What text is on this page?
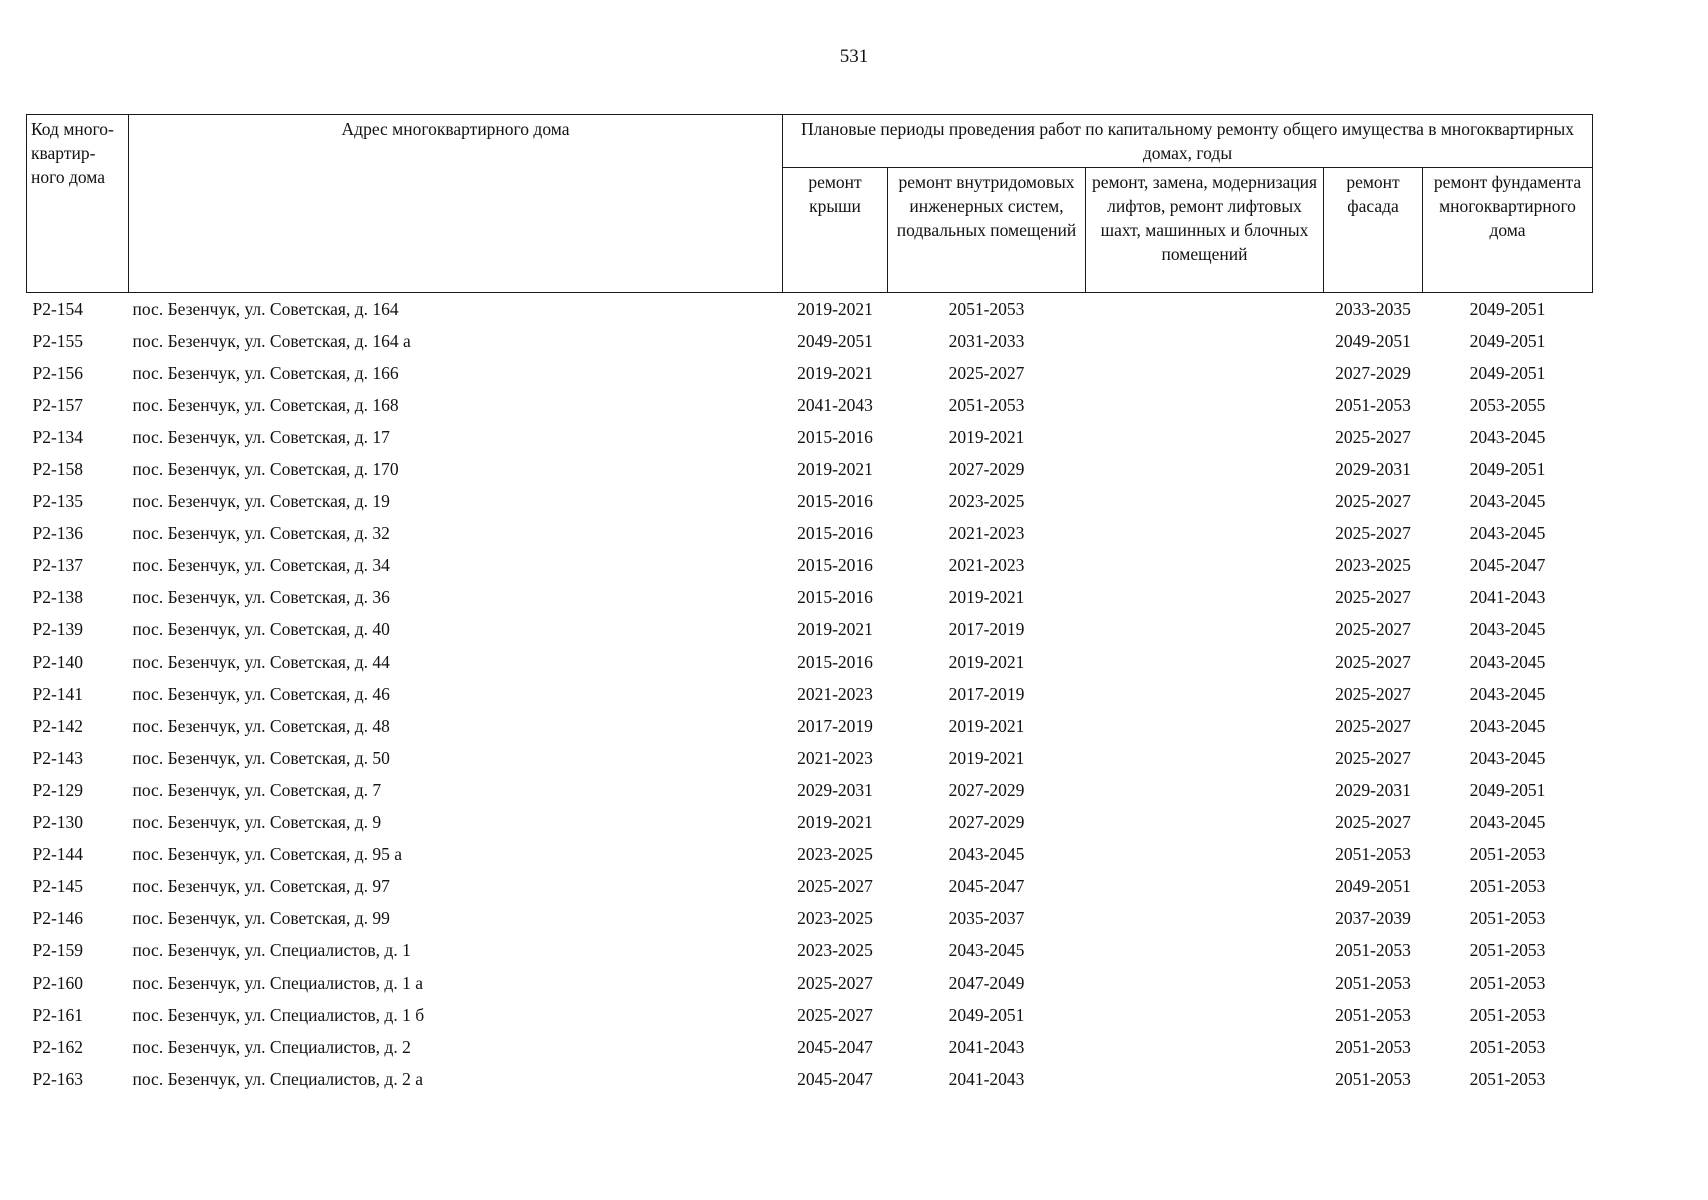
531
Код много-квартир-ного дома	Адрес многоквартирного дома	Плановые периоды проведения работ по капитальному ремонту общего имущества в многоквартирных домах, годы				
		ремонт крыши	ремонт внутридомовых инженерных систем, подвальных помещений	ремонт, замена, модернизация лифтов, ремонт лифтовых шахт, машинных и блочных помещений	ремонт фасада	ремонт фундамента многоквартирного дома
Р2-154	пос. Безенчук, ул. Советская, д. 164	2019-2021	2051-2053		2033-2035	2049-2051
Р2-155	пос. Безенчук, ул. Советская, д. 164 а	2049-2051	2031-2033		2049-2051	2049-2051
Р2-156	пос. Безенчук, ул. Советская, д. 166	2019-2021	2025-2027		2027-2029	2049-2051
Р2-157	пос. Безенчук, ул. Советская, д. 168	2041-2043	2051-2053		2051-2053	2053-2055
Р2-134	пос. Безенчук, ул. Советская, д. 17	2015-2016	2019-2021		2025-2027	2043-2045
Р2-158	пос. Безенчук, ул. Советская, д. 170	2019-2021	2027-2029		2029-2031	2049-2051
Р2-135	пос. Безенчук, ул. Советская, д. 19	2015-2016	2023-2025		2025-2027	2043-2045
Р2-136	пос. Безенчук, ул. Советская, д. 32	2015-2016	2021-2023		2025-2027	2043-2045
Р2-137	пос. Безенчук, ул. Советская, д. 34	2015-2016	2021-2023		2023-2025	2045-2047
Р2-138	пос. Безенчук, ул. Советская, д. 36	2015-2016	2019-2021		2025-2027	2041-2043
Р2-139	пос. Безенчук, ул. Советская, д. 40	2019-2021	2017-2019		2025-2027	2043-2045
Р2-140	пос. Безенчук, ул. Советская, д. 44	2015-2016	2019-2021		2025-2027	2043-2045
Р2-141	пос. Безенчук, ул. Советская, д. 46	2021-2023	2017-2019		2025-2027	2043-2045
Р2-142	пос. Безенчук, ул. Советская, д. 48	2017-2019	2019-2021		2025-2027	2043-2045
Р2-143	пос. Безенчук, ул. Советская, д. 50	2021-2023	2019-2021		2025-2027	2043-2045
Р2-129	пос. Безенчук, ул. Советская, д. 7	2029-2031	2027-2029		2029-2031	2049-2051
Р2-130	пос. Безенчук, ул. Советская, д. 9	2019-2021	2027-2029		2025-2027	2043-2045
Р2-144	пос. Безенчук, ул. Советская, д. 95 а	2023-2025	2043-2045		2051-2053	2051-2053
Р2-145	пос. Безенчук, ул. Советская, д. 97	2025-2027	2045-2047		2049-2051	2051-2053
Р2-146	пос. Безенчук, ул. Советская, д. 99	2023-2025	2035-2037		2037-2039	2051-2053
Р2-159	пос. Безенчук, ул. Специалистов, д. 1	2023-2025	2043-2045		2051-2053	2051-2053
Р2-160	пос. Безенчук, ул. Специалистов, д. 1 а	2025-2027	2047-2049		2051-2053	2051-2053
Р2-161	пос. Безенчук, ул. Специалистов, д. 1 б	2025-2027	2049-2051		2051-2053	2051-2053
Р2-162	пос. Безенчук, ул. Специалистов, д. 2	2045-2047	2041-2043		2051-2053	2051-2053
Р2-163	пос. Безенчук, ул. Специалистов, д. 2 а	2045-2047	2041-2043		2051-2053	2051-2053
